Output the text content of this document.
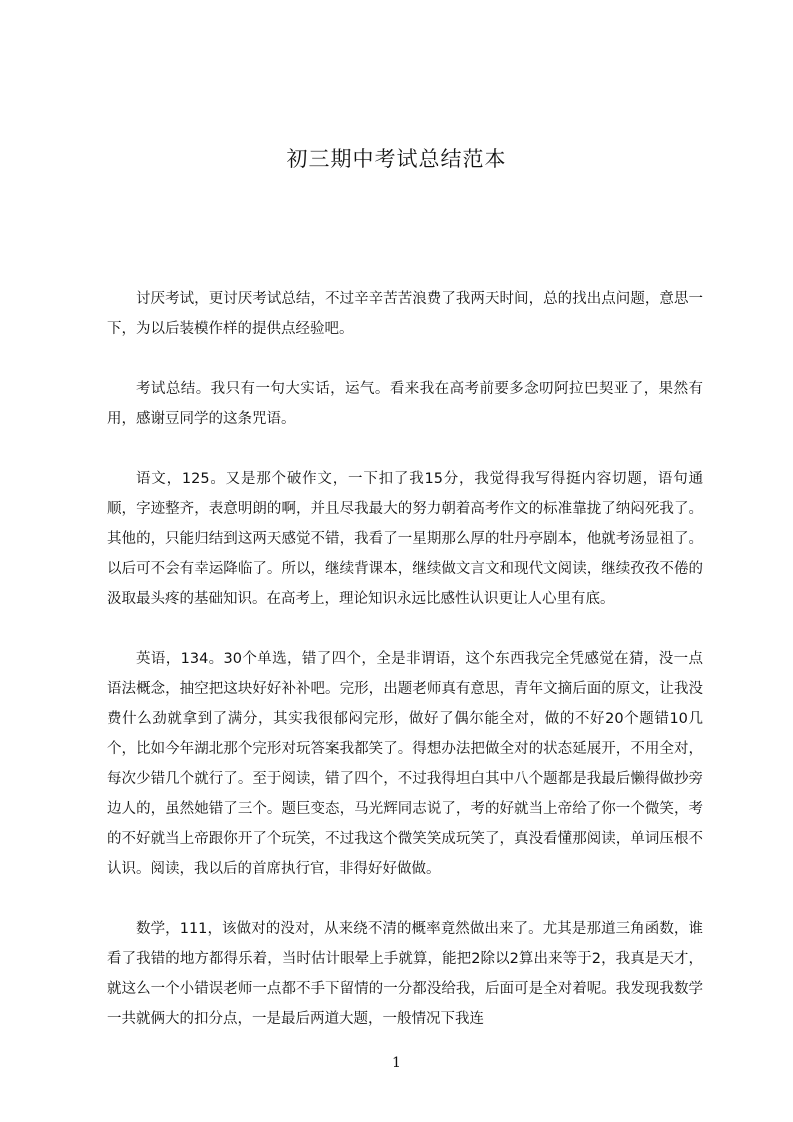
初三期中考试总结范本

讨厌考试，更讨厌考试总结，不过辛辛苦苦浪费了我两天时间，总的找出点问题，意思一下，为以后装模作样的提供点经验吧。

考试总结。我只有一句大实话，运气。看来我在高考前要多念叨阿拉巴契亚了，果然有用，感谢豆同学的这条咒语。

语文，125。又是那个破作文，一下扣了我15分，我觉得我写得挺内容切题，语句通顺，字迹整齐，表意明朗的啊，并且尽我最大的努力朝着高考作文的标准靠拢了纳闷死我了。其他的，只能归结到这两天感觉不错，我看了一星期那么厚的牡丹亭剧本，他就考汤显祖了。以后可不会有幸运降临了。所以，继续背课本，继续做文言文和现代文阅读，继续孜孜不倦的汲取最头疼的基础知识。在高考上，理论知识永远比感性认识更让人心里有底。

英语，134。30个单选，错了四个，全是非谓语，这个东西我完全凭感觉在猜，没一点语法概念，抽空把这块好好补补吧。完形，出题老师真有意思，青年文摘后面的原文，让我没费什么劲就拿到了满分，其实我很郁闷完形，做好了偶尔能全对，做的不好20个题错10几个，比如今年湖北那个完形对玩答案我都笑了。得想办法把做全对的状态延展开，不用全对，每次少错几个就行了。至于阅读，错了四个，不过我得坦白其中八个题都是我最后懒得做抄旁边人的，虽然她错了三个。题巨变态，马光辉同志说了，考的好就当上帝给了你一个微笑，考的不好就当上帝跟你开了个玩笑，不过我这个微笑笑成玩笑了，真没看懂那阅读，单词压根不认识。阅读，我以后的首席执行官，非得好好做做。

数学，111，该做对的没对，从来绕不清的概率竟然做出来了。尤其是那道三角函数，谁看了我错的地方都得乐着，当时估计眼晕上手就算，能把2除以2算出来等于2，我真是天才，就这么一个小错误老师一点都不手下留情的一分都没给我，后面可是全对着呢。我发现我数学一共就俩大的扣分点，一是最后两道大题，一般情况下我连

1
